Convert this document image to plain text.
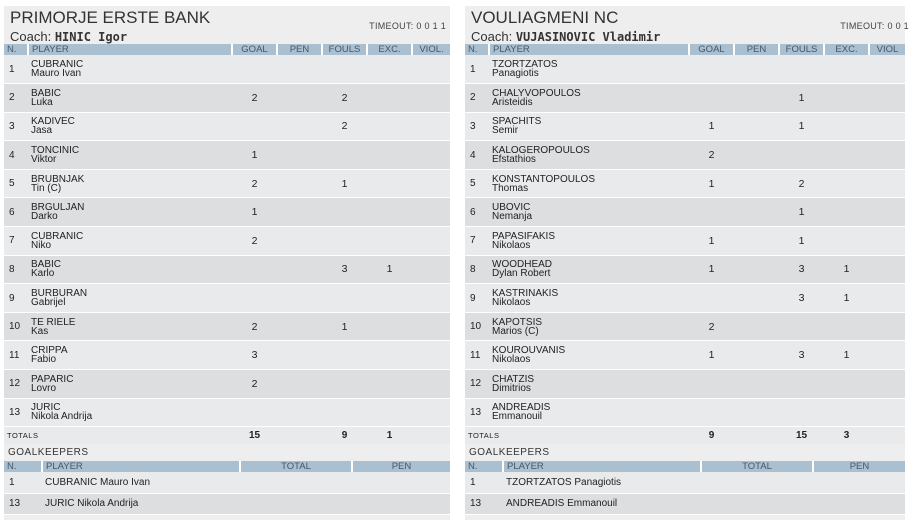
PRIMORJE ERSTE BANK	TIMEOUT: 0 0 1 1
Coach: HINIC Igor
N.	PLAYER	GOAL	PEN	FOULS	EXC.	VIOL.
1	CUBRANIC
Mauro Ivan					

2	BABIC
Luka	2		2		
3	KADIVEC
Jasa			2		
4	TONCINIC
Viktor	1				
5	BRUBNJAK
Tin (C)	2		1		
6	BRGULJAN
Darko	1				
7	CUBRANIC
Niko	2				
8	BABIC
Karlo			3	1	
9	BURBURAN
Gabrijel					

10	TE RIELE
Kas	2		1		
11	CRIPPA
Fabio	3				
12	PAPARIC
Lovro	2				
13	JURIC
Nikola Andrija					

TOTALS		15		9	1	
GOALKEEPERS
N.	PLAYER	TOTAL	PEN
1	CUBRANIC Mauro Ivan		
13	JURIC Nikola Andrija		
VOULIAGMENI NC	TIMEOUT: 0 0 1
Coach: VUJASINOVIC Vladimir
N.	PLAYER	GOAL	PEN	FOULS	EXC.	VIOL
1	TZORTZATOS
Panagiotis					

2	CHALYVOPOULOS
Aristeidis			1		
3	SPACHITS
Semir	1		1		
4	KALOGEROPOULOS
Efstathios	2				
5	KONSTANTOPOULOS
Thomas	1		2		
6	UBOVIC
Nemanja			1		
7	PAPASIFAKIS
Nikolaos	1		1		
8	WOODHEAD
Dylan Robert	1		3	1	
9	KASTRINAKIS
Nikolaos			3	1	
10	KAPOTSIS
Marios (C)	2				
11	KOUROUVANIS
Nikolaos	1		3	1	
12	CHATZIS
Dimitrios					

13	ANDREADIS
Emmanouil					

TOTALS		9		15	3	
GOALKEEPERS
N.	PLAYER	TOTAL	PEN
1	TZORTZATOS Panagiotis		
13	ANDREADIS Emmanouil		
